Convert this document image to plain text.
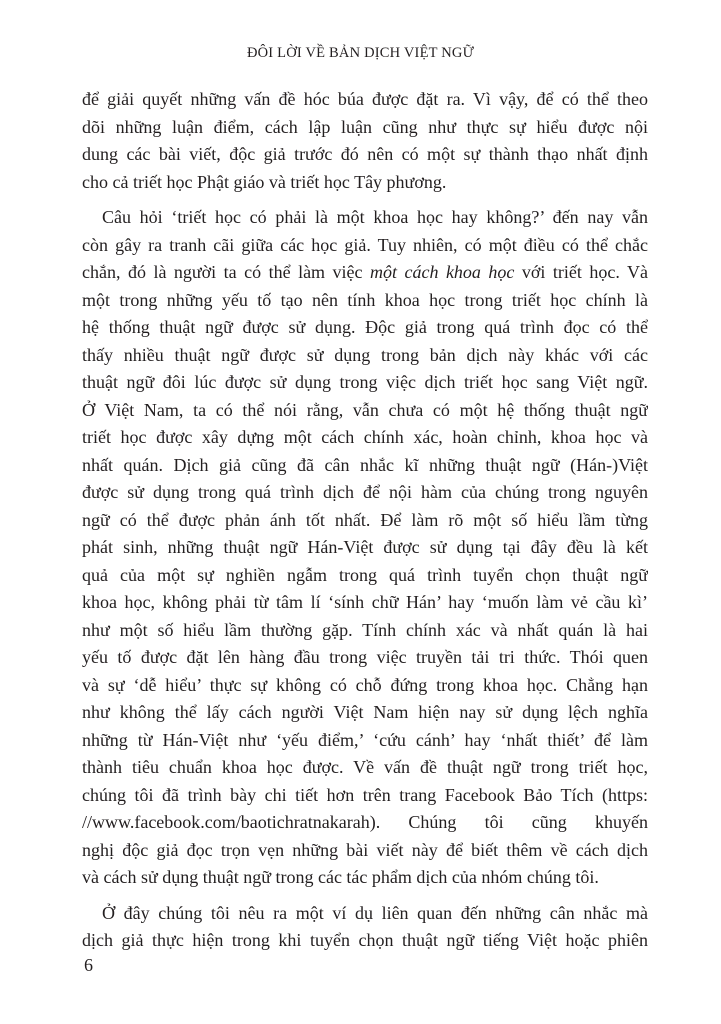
ĐÔI LỜI VỀ BẢN DỊCH VIỆT NGỮ
để giải quyết những vấn đề hóc búa được đặt ra. Vì vậy, để có thể theo
dõi những luận điểm, cách lập luận cũng như thực sự hiểu được nội
dung các bài viết, độc giả trước đó nên có một sự thành thạo nhất định
cho cả triết học Phật giáo và triết học Tây phương.
Câu hỏi ‘triết học có phải là một khoa học hay không?’ đến nay vẫn
còn gây ra tranh cãi giữa các học giả. Tuy nhiên, có một điều có thể chắc
chắn, đó là người ta có thể làm việc một cách khoa học với triết học. Và
một trong những yếu tố tạo nên tính khoa học trong triết học chính là
hệ thống thuật ngữ được sử dụng. Độc giả trong quá trình đọc có thể
thấy nhiều thuật ngữ được sử dụng trong bản dịch này khác với các
thuật ngữ đôi lúc được sử dụng trong việc dịch triết học sang Việt ngữ.
Ở Việt Nam, ta có thể nói rằng, vẫn chưa có một hệ thống thuật ngữ
triết học được xây dựng một cách chính xác, hoàn chỉnh, khoa học và
nhất quán. Dịch giả cũng đã cân nhắc kĩ những thuật ngữ (Hán-)Việt
được sử dụng trong quá trình dịch để nội hàm của chúng trong nguyên
ngữ có thể được phản ánh tốt nhất. Để làm rõ một số hiểu lầm từng
phát sinh, những thuật ngữ Hán-Việt được sử dụng tại đây đều là kết
quả của một sự nghiền ngẫm trong quá trình tuyển chọn thuật ngữ
khoa học, không phải từ tâm lí ‘sính chữ Hán’ hay ‘muốn làm vẻ cầu kì’
như một số hiểu lầm thường gặp. Tính chính xác và nhất quán là hai
yếu tố được đặt lên hàng đầu trong việc truyền tải tri thức. Thói quen
và sự ‘dễ hiểu’ thực sự không có chỗ đứng trong khoa học. Chẳng hạn
như không thể lấy cách người Việt Nam hiện nay sử dụng lệch nghĩa
những từ Hán-Việt như ‘yếu điểm,’ ‘cứu cánh’ hay ‘nhất thiết’ để làm
thành tiêu chuẩn khoa học được. Về vấn đề thuật ngữ trong triết học,
chúng tôi đã trình bày chi tiết hơn trên trang Facebook Bảo Tích (https:
//www.facebook.com/baotichratnakarah). Chúng tôi cũng khuyến
nghị độc giả đọc trọn vẹn những bài viết này để biết thêm về cách dịch
và cách sử dụng thuật ngữ trong các tác phẩm dịch của nhóm chúng tôi.
Ở đây chúng tôi nêu ra một ví dụ liên quan đến những cân nhắc mà
dịch giả thực hiện trong khi tuyển chọn thuật ngữ tiếng Việt hoặc phiên
6
